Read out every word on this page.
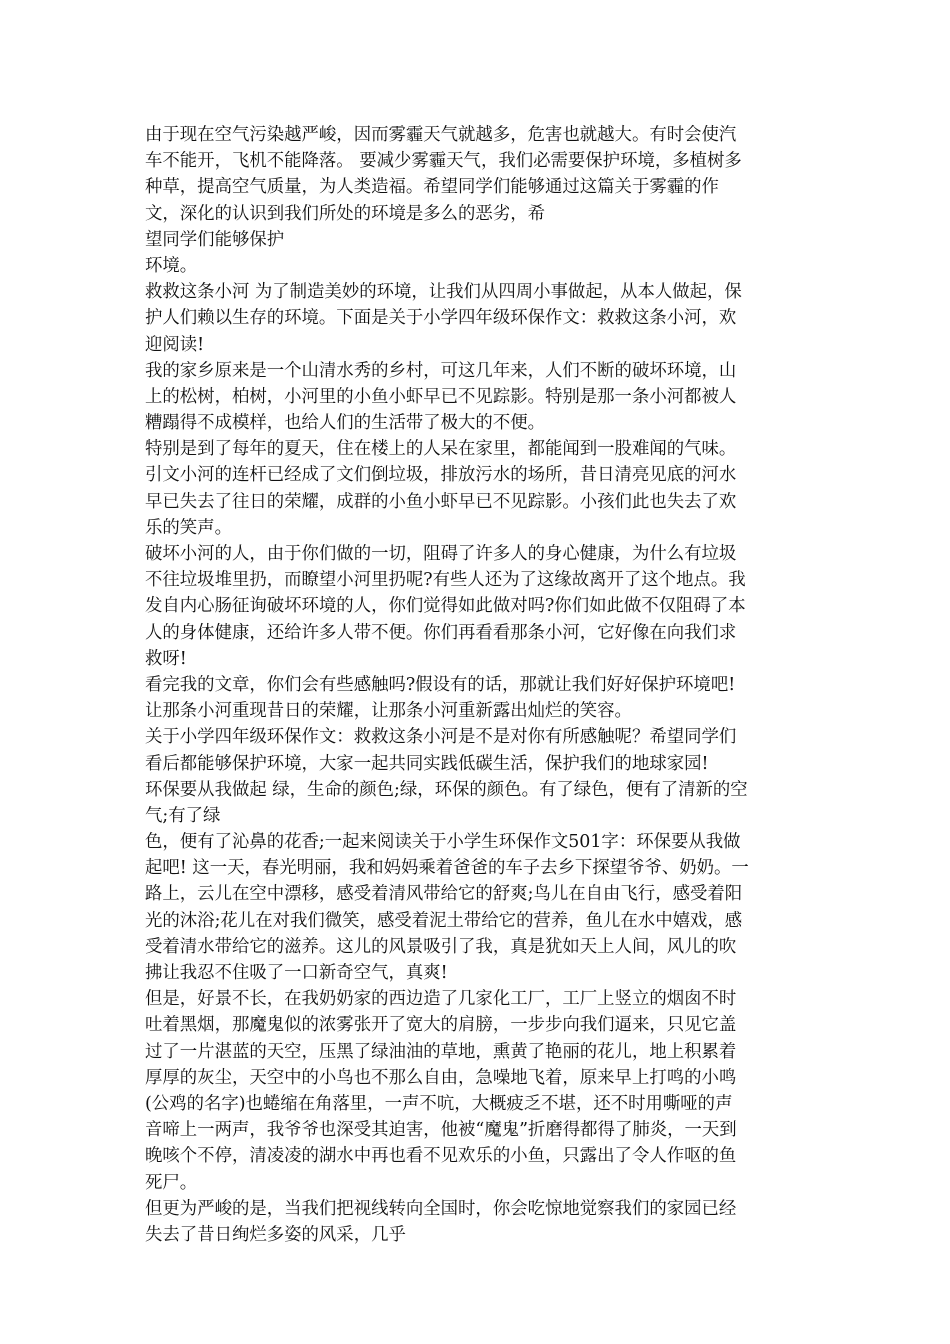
由于现在空气污染越严峻，因而雾霾天气就越多，危害也就越大。有时会使汽
车不能开，飞机不能降落。 要减少雾霾天气，我们必需要保护环境，多植树多
种草，提高空气质量，为人类造福。希望同学们能够通过这篇关于雾霾的作
文，深化的认识到我们所处的环境是多么的恶劣，希
望同学们能够保护
环境。
救救这条小河 为了制造美妙的环境，让我们从四周小事做起，从本人做起，保
护人们赖以生存的环境。下面是关于小学四年级环保作文：救救这条小河，欢
迎阅读!
我的家乡原来是一个山清水秀的乡村，可这几年来，人们不断的破坏环境，山
上的松树，柏树，小河里的小鱼小虾早已不见踪影。特别是那一条小河都被人
糟蹋得不成模样，也给人们的生活带了极大的不便。
特别是到了每年的夏天，住在楼上的人呆在家里，都能闻到一股难闻的气味。
引文小河的连杆已经成了文们倒垃圾，排放污水的场所，昔日清亮见底的河水
早已失去了往日的荣耀，成群的小鱼小虾早已不见踪影。小孩们此也失去了欢
乐的笑声。
破坏小河的人，由于你们做的一切，阻碍了许多人的身心健康，为什么有垃圾
不往垃圾堆里扔，而瞭望小河里扔呢?有些人还为了这缘故离开了这个地点。我
发自内心肠征询破坏环境的人，你们觉得如此做对吗?你们如此做不仅阻碍了本
人的身体健康，还给许多人带不便。你们再看看那条小河，它好像在向我们求
救呀!
看完我的文章，你们会有些感触吗?假设有的话，那就让我们好好保护环境吧!
让那条小河重现昔日的荣耀，让那条小河重新露出灿烂的笑容。
关于小学四年级环保作文：救救这条小河是不是对你有所感触呢？希望同学们
看后都能够保护环境，大家一起共同实践低碳生活，保护我们的地球家园!
环保要从我做起 绿，生命的颜色;绿，环保的颜色。有了绿色，便有了清新的空
气;有了绿
色，便有了沁鼻的花香;一起来阅读关于小学生环保作文501字：环保要从我做
起吧! 这一天，春光明丽，我和妈妈乘着爸爸的车子去乡下探望爷爷、奶奶。一
路上，云儿在空中漂移，感受着清风带给它的舒爽;鸟儿在自由飞行，感受着阳
光的沐浴;花儿在对我们微笑，感受着泥土带给它的营养，鱼儿在水中嬉戏，感
受着清水带给它的滋养。这儿的风景吸引了我，真是犹如天上人间，风儿的吹
拂让我忍不住吸了一口新奇空气，真爽!
但是，好景不长，在我奶奶家的西边造了几家化工厂，工厂上竖立的烟囱不时
吐着黑烟，那魔鬼似的浓雾张开了宽大的肩膀，一步步向我们逼来，只见它盖
过了一片湛蓝的天空，压黑了绿油油的草地，熏黄了艳丽的花儿，地上积累着
厚厚的灰尘，天空中的小鸟也不那么自由，急噪地飞着，原来早上打鸣的小鸣
(公鸡的名字)也蜷缩在角落里，一声不吭，大概疲乏不堪，还不时用嘶哑的声
音啼上一两声，我爷爷也深受其迫害，他被“魔鬼”折磨得都得了肺炎，一天到
晚咳个不停，清凌凌的湖水中再也看不见欢乐的小鱼，只露出了令人作呕的鱼
死尸。
但更为严峻的是，当我们把视线转向全国时，你会吃惊地觉察我们的家园已经
失去了昔日绚烂多姿的风采，几乎
